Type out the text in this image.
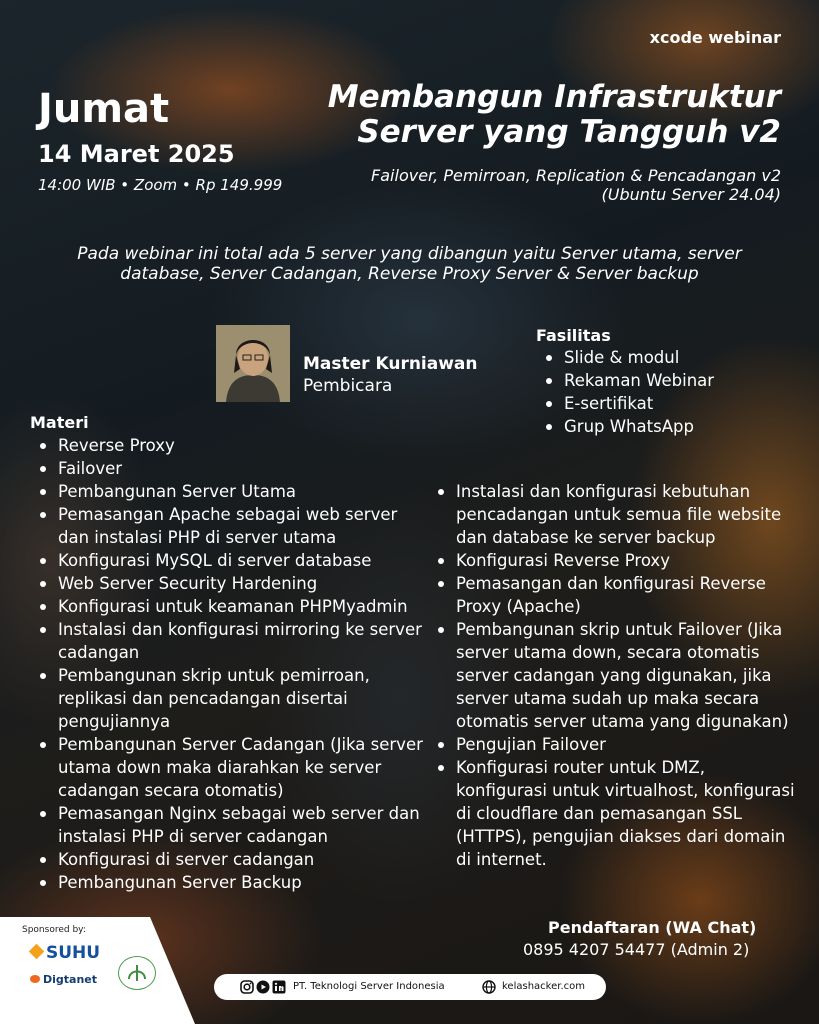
xcode webinar
Jumat
14 Maret 2025
14:00 WIB • Zoom • Rp 149.999
Membangun Infrastruktur Server yang Tangguh v2
Failover, Pemirroan, Replication & Pencadangan v2 (Ubuntu Server 24.04)
Pada webinar ini total ada 5 server yang dibangun yaitu Server utama, server database, Server Cadangan, Reverse Proxy Server & Server backup
Master Kurniawan
Pembicara
Fasilitas
Slide & modul
Rekaman Webinar
E-sertifikat
Grup WhatsApp
Materi
Reverse Proxy
Failover
Pembangunan Server Utama
Pemasangan Apache sebagai web server dan instalasi PHP di server utama
Konfigurasi MySQL di server database
Web Server Security Hardening
Konfigurasi untuk keamanan PHPMyadmin
Instalasi dan konfigurasi mirroring ke server cadangan
Pembangunan skrip untuk pemirroan, replikasi dan pencadangan disertai pengujiannya
Pembangunan Server Cadangan (Jika server utama down maka diarahkan ke server cadangan secara otomatis)
Pemasangan Nginx sebagai web server dan instalasi PHP di server cadangan
Konfigurasi di server cadangan
Pembangunan Server Backup
Instalasi dan konfigurasi kebutuhan pencadangan untuk semua file website dan database ke server backup
Konfigurasi Reverse Proxy
Pemasangan dan konfigurasi Reverse Proxy (Apache)
Pembangunan skrip untuk Failover (Jika server utama down, secara otomatis server cadangan yang digunakan, jika server utama sudah up maka secara otomatis server utama yang digunakan)
Pengujian Failover
Konfigurasi router untuk DMZ, konfigurasi untuk virtualhost, konfigurasi di cloudflare dan pemasangan SSL (HTTPS), pengujian diakses dari domain di internet.
Pendaftaran (WA Chat)
0895 4207 54477 (Admin 2)
Sponsored by:
SUHU
Digtanet
PT. Teknologi Server Indonesia	kelashacker.com
